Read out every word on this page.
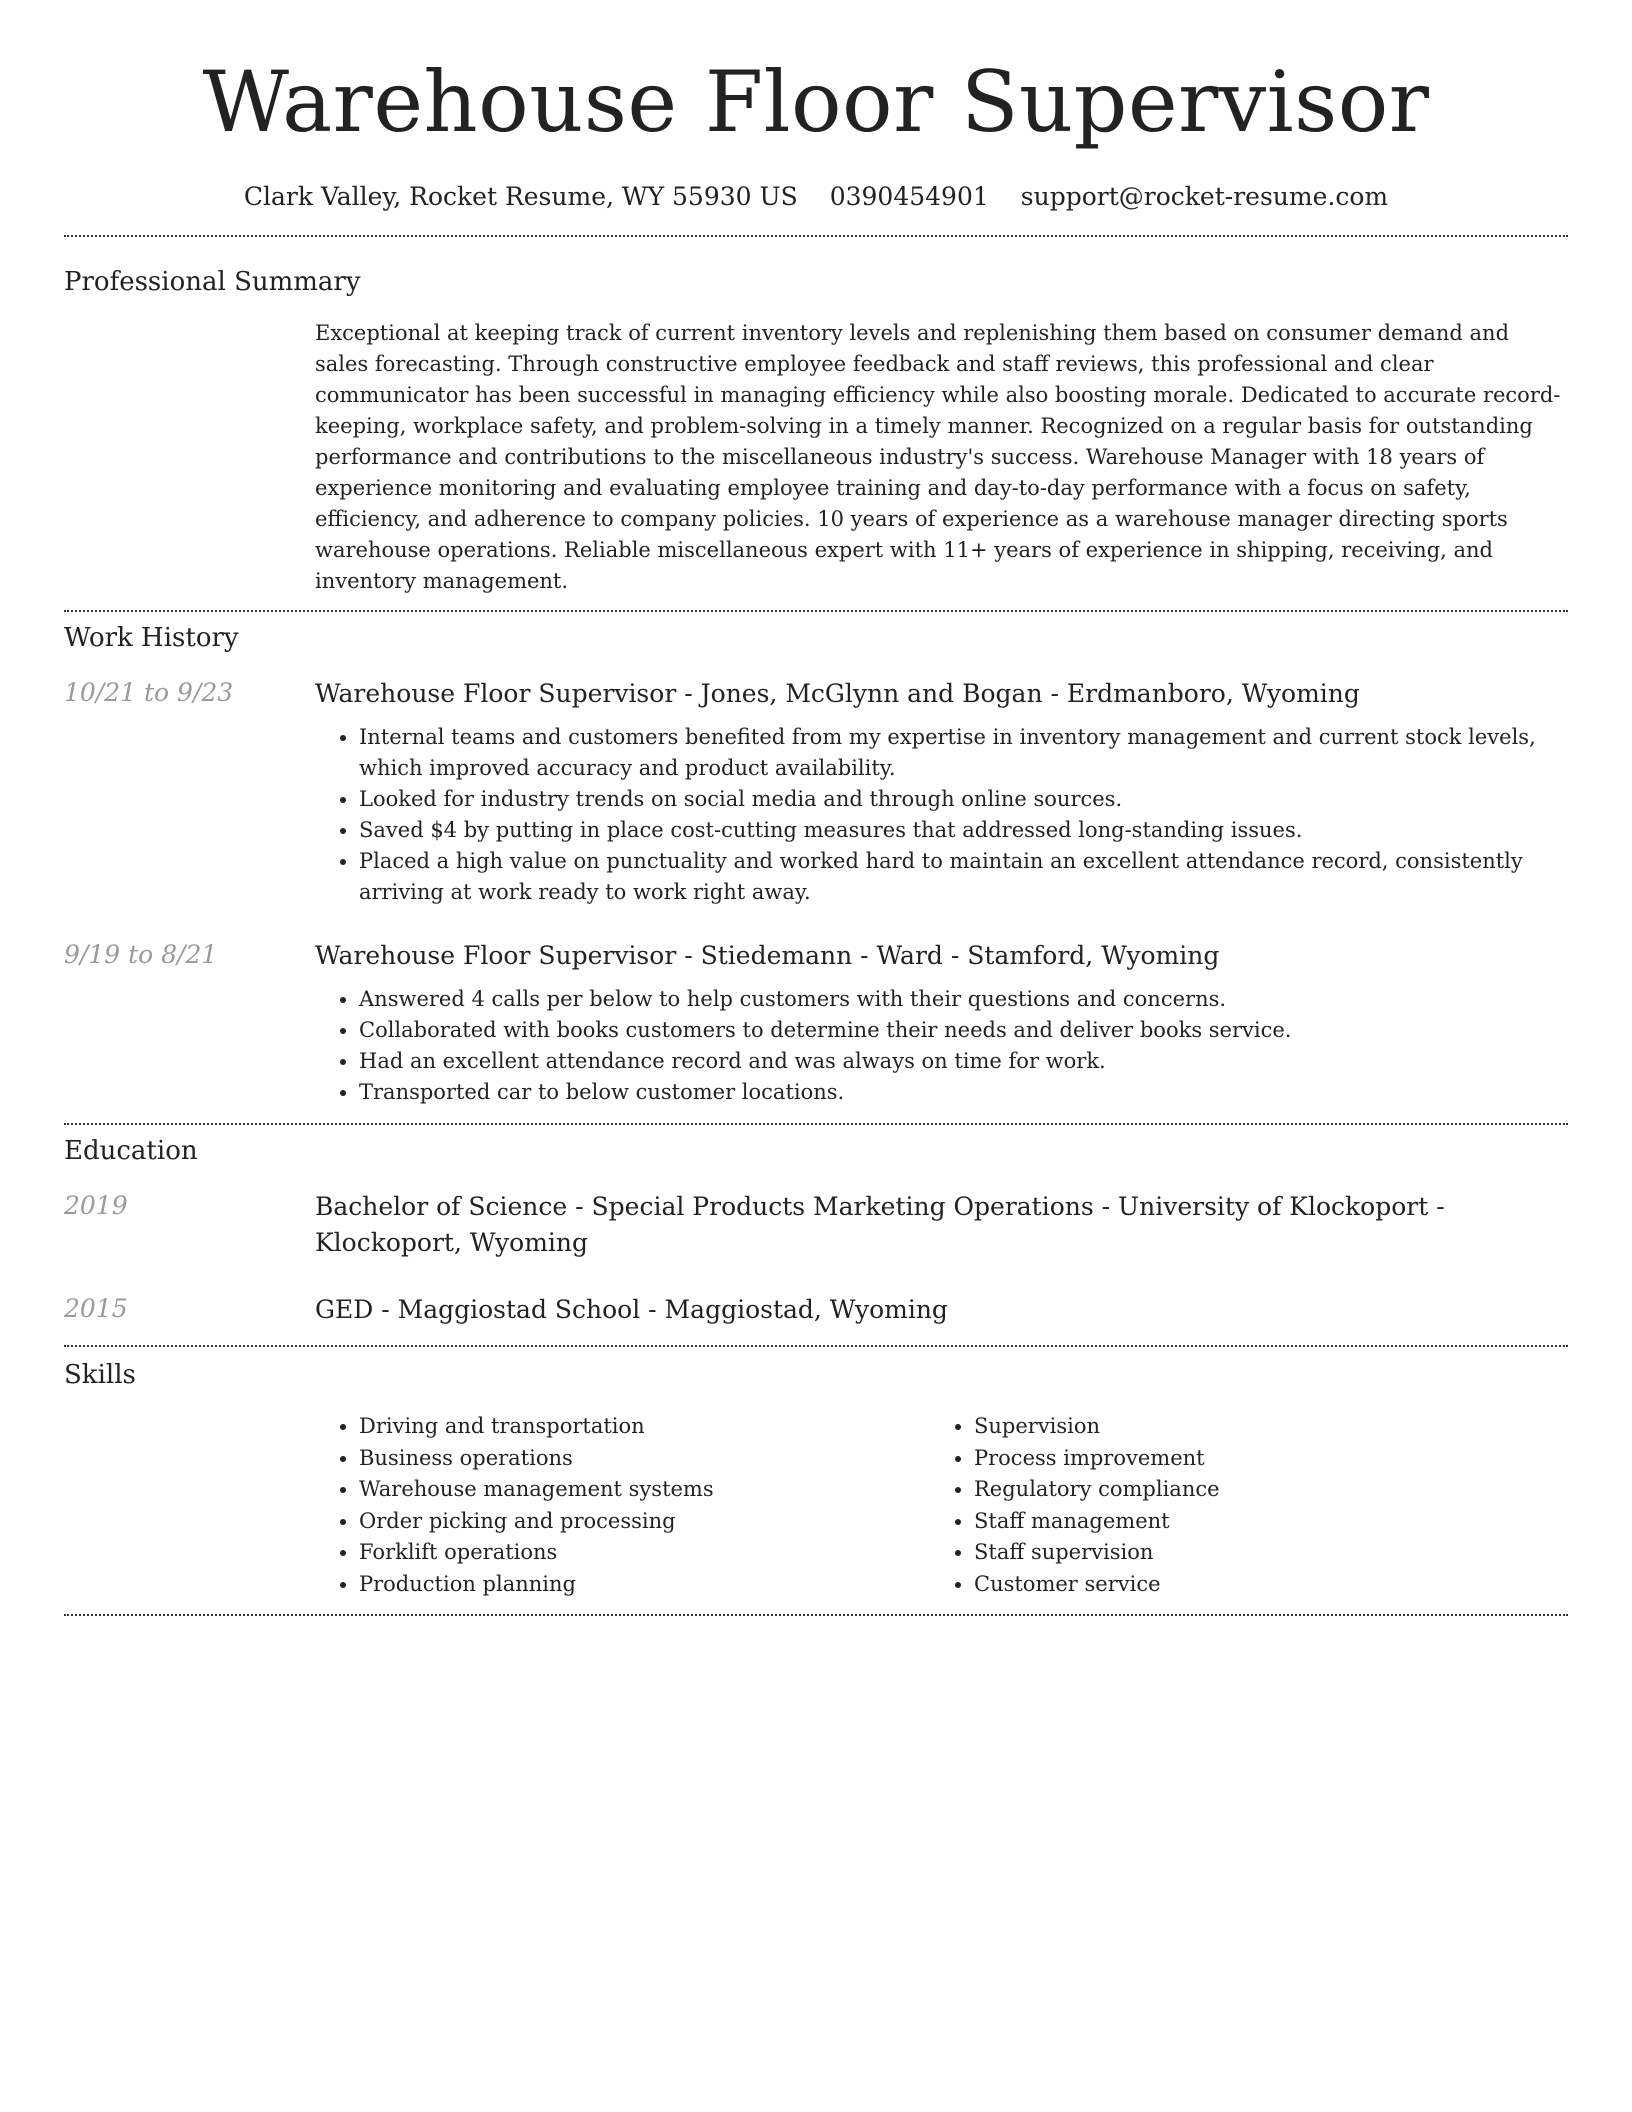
Warehouse Floor Supervisor
Clark Valley, Rocket Resume, WY 55930 US 0390454901 support@rocket-resume.com
Professional Summary

Exceptional at keeping track of current inventory levels and replenishing them based on consumer demand and sales forecasting. Through constructive employee feedback and staff reviews, this professional and clear communicator has been successful in managing efficiency while also boosting morale. Dedicated to accurate record-keeping, workplace safety, and problem-solving in a timely manner. Recognized on a regular basis for outstanding performance and contributions to the miscellaneous industry's success. Warehouse Manager with 18 years of experience monitoring and evaluating employee training and day-to-day performance with a focus on safety, efficiency, and adherence to company policies. 10 years of experience as a warehouse manager directing sports warehouse operations. Reliable miscellaneous expert with 11+ years of experience in shipping, receiving, and inventory management.

Work History
10/21 to 9/23	Warehouse Floor Supervisor - Jones, McGlynn and Bogan - Erdmanboro, Wyoming
• Internal teams and customers benefited from my expertise in inventory management and current stock levels, which improved accuracy and product availability.
• Looked for industry trends on social media and through online sources.
• Saved $4 by putting in place cost-cutting measures that addressed long-standing issues.
• Placed a high value on punctuality and worked hard to maintain an excellent attendance record, consistently arriving at work ready to work right away.
9/19 to 8/21	Warehouse Floor Supervisor - Stiedemann - Ward - Stamford, Wyoming
• Answered 4 calls per below to help customers with their questions and concerns.
• Collaborated with books customers to determine their needs and deliver books service.
• Had an excellent attendance record and was always on time for work.
• Transported car to below customer locations.
Education
2019	Bachelor of Science - Special Products Marketing Operations - University of Klockoport - Klockoport, Wyoming
2015	GED - Maggiostad School - Maggiostad, Wyoming
Skills
• Driving and transportation
• Business operations
• Warehouse management systems
• Order picking and processing
• Forklift operations
• Production planning
• Supervision
• Process improvement
• Regulatory compliance
• Staff management
• Staff supervision
• Customer service
